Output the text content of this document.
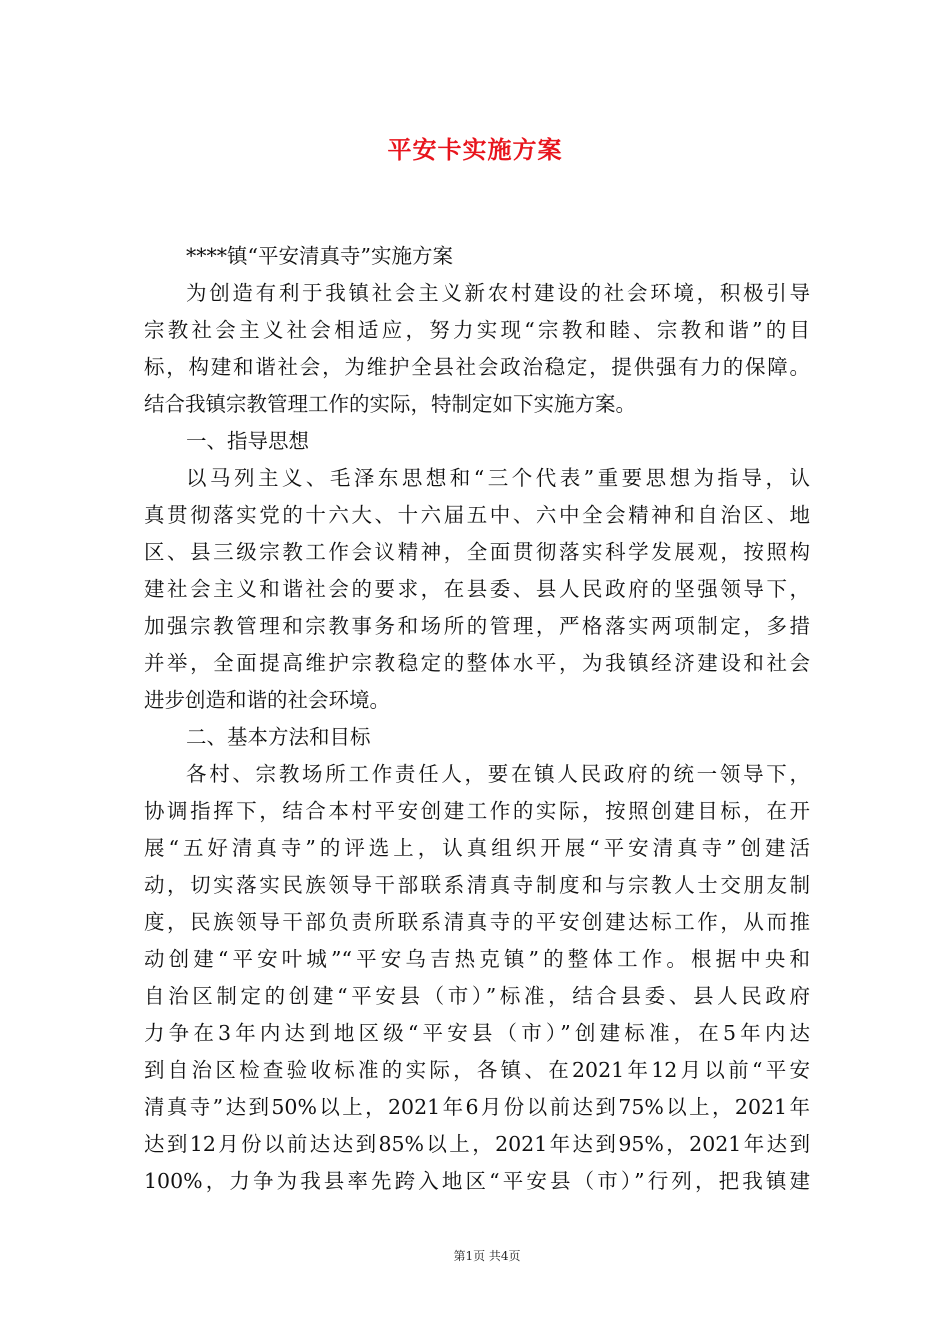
平安卡实施方案
****镇“平安清真寺”实施方案
为创造有利于我镇社会主义新农村建设的社会环境，积极引导
宗教社会主义社会相适应，努力实现“宗教和睦、宗教和谐”的目
标，构建和谐社会，为维护全县社会政治稳定，提供强有力的保障。
结合我镇宗教管理工作的实际，特制定如下实施方案。
一、指导思想
以马列主义、毛泽东思想和“三个代表”重要思想为指导，认
真贯彻落实党的十六大、十六届五中、六中全会精神和自治区、地
区、县三级宗教工作会议精神，全面贯彻落实科学发展观，按照构
建社会主义和谐社会的要求，在县委、县人民政府的坚强领导下，
加强宗教管理和宗教事务和场所的管理，严格落实两项制定，多措
并举，全面提高维护宗教稳定的整体水平，为我镇经济建设和社会
进步创造和谐的社会环境。
二、基本方法和目标
各村、宗教场所工作责任人，要在镇人民政府的统一领导下，
协调指挥下，结合本村平安创建工作的实际，按照创建目标，在开
展“五好清真寺”的评选上，认真组织开展“平安清真寺”创建活
动，切实落实民族领导干部联系清真寺制度和与宗教人士交朋友制
度，民族领导干部负责所联系清真寺的平安创建达标工作，从而推
动创建“平安叶城”“平安乌吉热克镇”的整体工作。根据中央和
自治区制定的创建“平安县（市）”标准，结合县委、县人民政府
力争在3年内达到地区级“平安县（市）”创建标准，在5年内达
到自治区检查验收标准的实际，各镇、在2021年12月以前“平安
清真寺”达到50%以上，2021年6月份以前达到75%以上，2021年
达到12月份以前达达到85%以上，2021年达到95%，2021年达到
100%，力争为我县率先跨入地区“平安县（市）”行列，把我镇建
第1页 共4页
